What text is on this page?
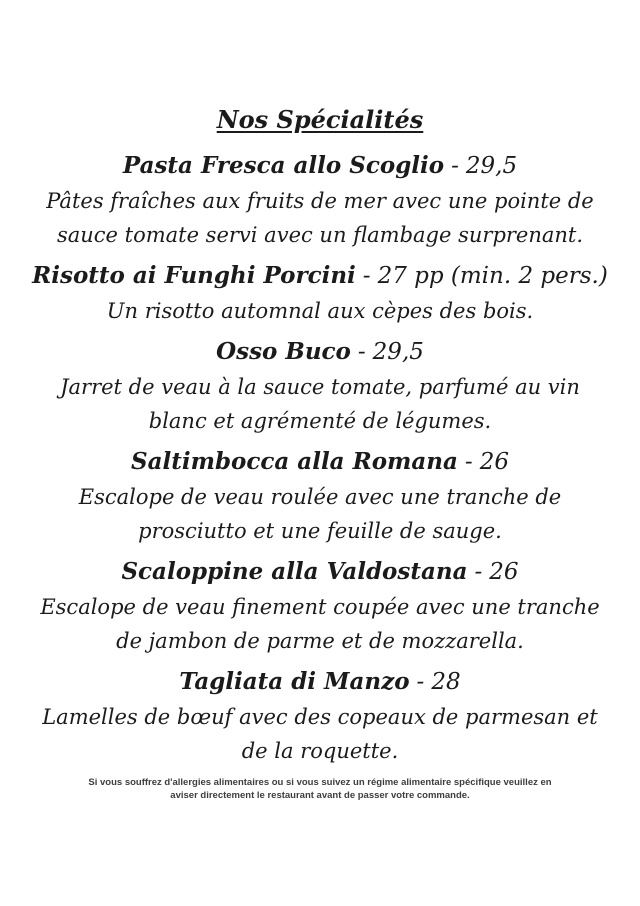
Nos Spécialités
Pasta Fresca allo Scoglio - 29,5
Pâtes fraîches aux fruits de mer avec une pointe de
sauce tomate servi avec un flambage surprenant.
Risotto ai Funghi Porcini - 27 pp (min. 2 pers.)
Un risotto automnal aux cèpes des bois.
Osso Buco - 29,5
Jarret de veau à la sauce tomate, parfumé au vin
blanc et agrémenté de légumes.
Saltimbocca alla Romana - 26
Escalope de veau roulée avec une tranche de
prosciutto et une feuille de sauge.
Scaloppine alla Valdostana - 26
Escalope de veau finement coupée avec une tranche
de jambon de parme et de mozzarella.
Tagliata di Manzo - 28
Lamelles de bœuf avec des copeaux de parmesan et
de la roquette.

Si vous souffrez d'allergies alimentaires ou si vous suivez un régime alimentaire spécifique veuillez en aviser directement le restaurant avant de passer votre commande.
